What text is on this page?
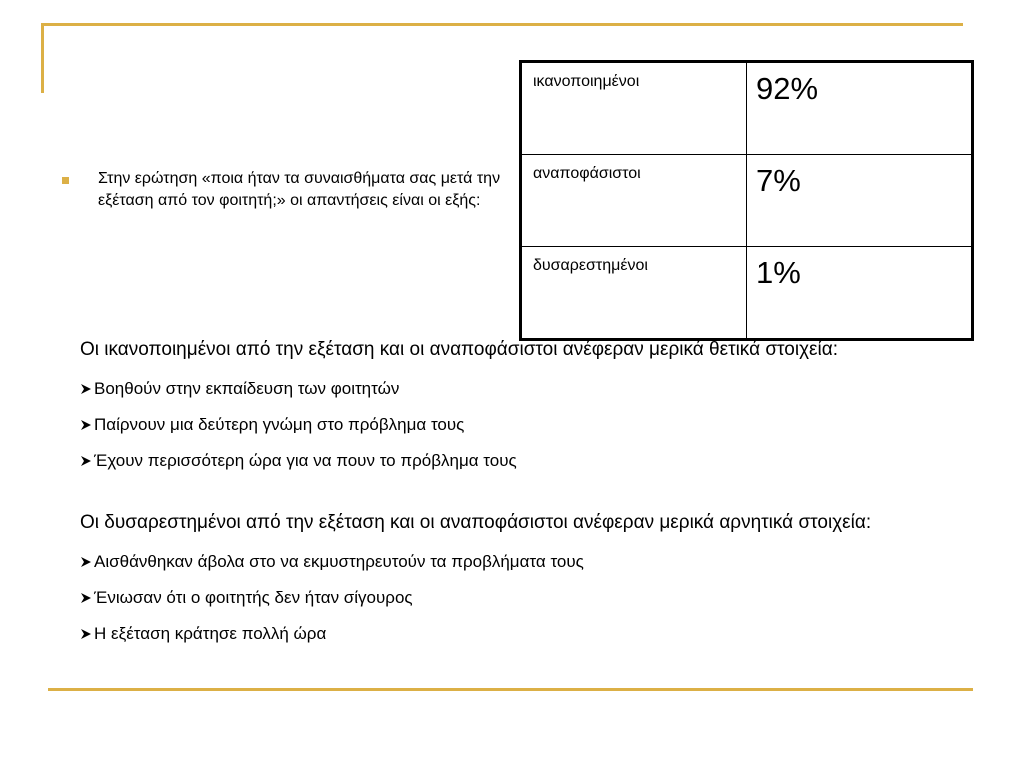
Στην ερώτηση «ποια ήταν τα συναισθήματα σας μετά την εξέταση από τον φοιτητή;» οι απαντήσεις είναι οι εξής:
ικανοποιημένοι	92%

αναποφάσιστοι	7%

δυσαρεστημένοι	1%

Οι ικανοποιημένοι από την εξέταση και οι αναποφάσιστοι ανέφεραν μερικά θετικά στοιχεία:

Βοηθούν στην εκπαίδευση των φοιτητών
Παίρνουν μια δεύτερη γνώμη στο πρόβλημα τους
Έχουν περισσότερη ώρα για να πουν το πρόβλημα τους

Οι δυσαρεστημένοι από την εξέταση και οι αναποφάσιστοι ανέφεραν μερικά αρνητικά στοιχεία:

Αισθάνθηκαν άβολα στο να εκμυστηρευτούν τα προβλήματα τους
Ένιωσαν ότι ο φοιτητής δεν ήταν σίγουρος
Η εξέταση κράτησε πολλή ώρα
